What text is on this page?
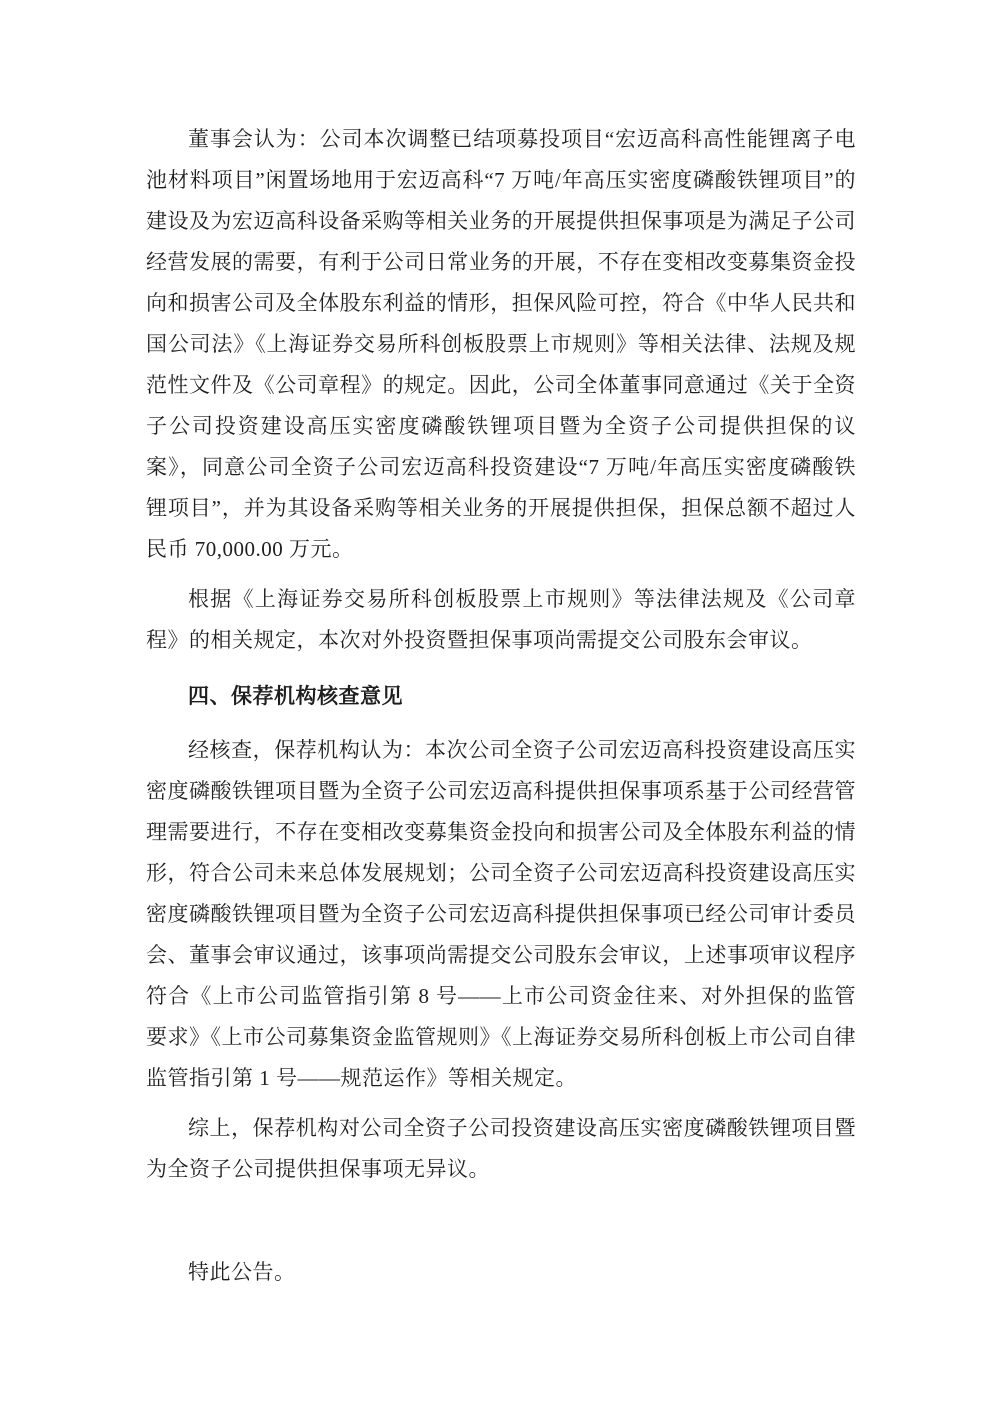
董事会认为：公司本次调整已结项募投项目“宏迈高科高性能锂离子电池材料项目”闲置场地用于宏迈高科“7 万吨/年高压实密度磷酸铁锂项目”的建设及为宏迈高科设备采购等相关业务的开展提供担保事项是为满足子公司经营发展的需要，有利于公司日常业务的开展，不存在变相改变募集资金投向和损害公司及全体股东利益的情形，担保风险可控，符合《中华人民共和国公司法》《上海证券交易所科创板股票上市规则》等相关法律、法规及规范性文件及《公司章程》的规定。因此，公司全体董事同意通过《关于全资子公司投资建设高压实密度磷酸铁锂项目暨为全资子公司提供担保的议案》，同意公司全资子公司宏迈高科投资建设“7 万吨/年高压实密度磷酸铁锂项目”，并为其设备采购等相关业务的开展提供担保，担保总额不超过人民币 70,000.00 万元。

根据《上海证券交易所科创板股票上市规则》等法律法规及《公司章程》的相关规定，本次对外投资暨担保事项尚需提交公司股东会审议。

四、保荐机构核查意见

经核查，保荐机构认为：本次公司全资子公司宏迈高科投资建设高压实密度磷酸铁锂项目暨为全资子公司宏迈高科提供担保事项系基于公司经营管理需要进行，不存在变相改变募集资金投向和损害公司及全体股东利益的情形，符合公司未来总体发展规划；公司全资子公司宏迈高科投资建设高压实密度磷酸铁锂项目暨为全资子公司宏迈高科提供担保事项已经公司审计委员会、董事会审议通过，该事项尚需提交公司股东会审议，上述事项审议程序符合《上市公司监管指引第 8 号——上市公司资金往来、对外担保的监管要求》《上市公司募集资金监管规则》《上海证券交易所科创板上市公司自律监管指引第 1 号——规范运作》等相关规定。

综上，保荐机构对公司全资子公司投资建设高压实密度磷酸铁锂项目暨为全资子公司提供担保事项无异议。

特此公告。
